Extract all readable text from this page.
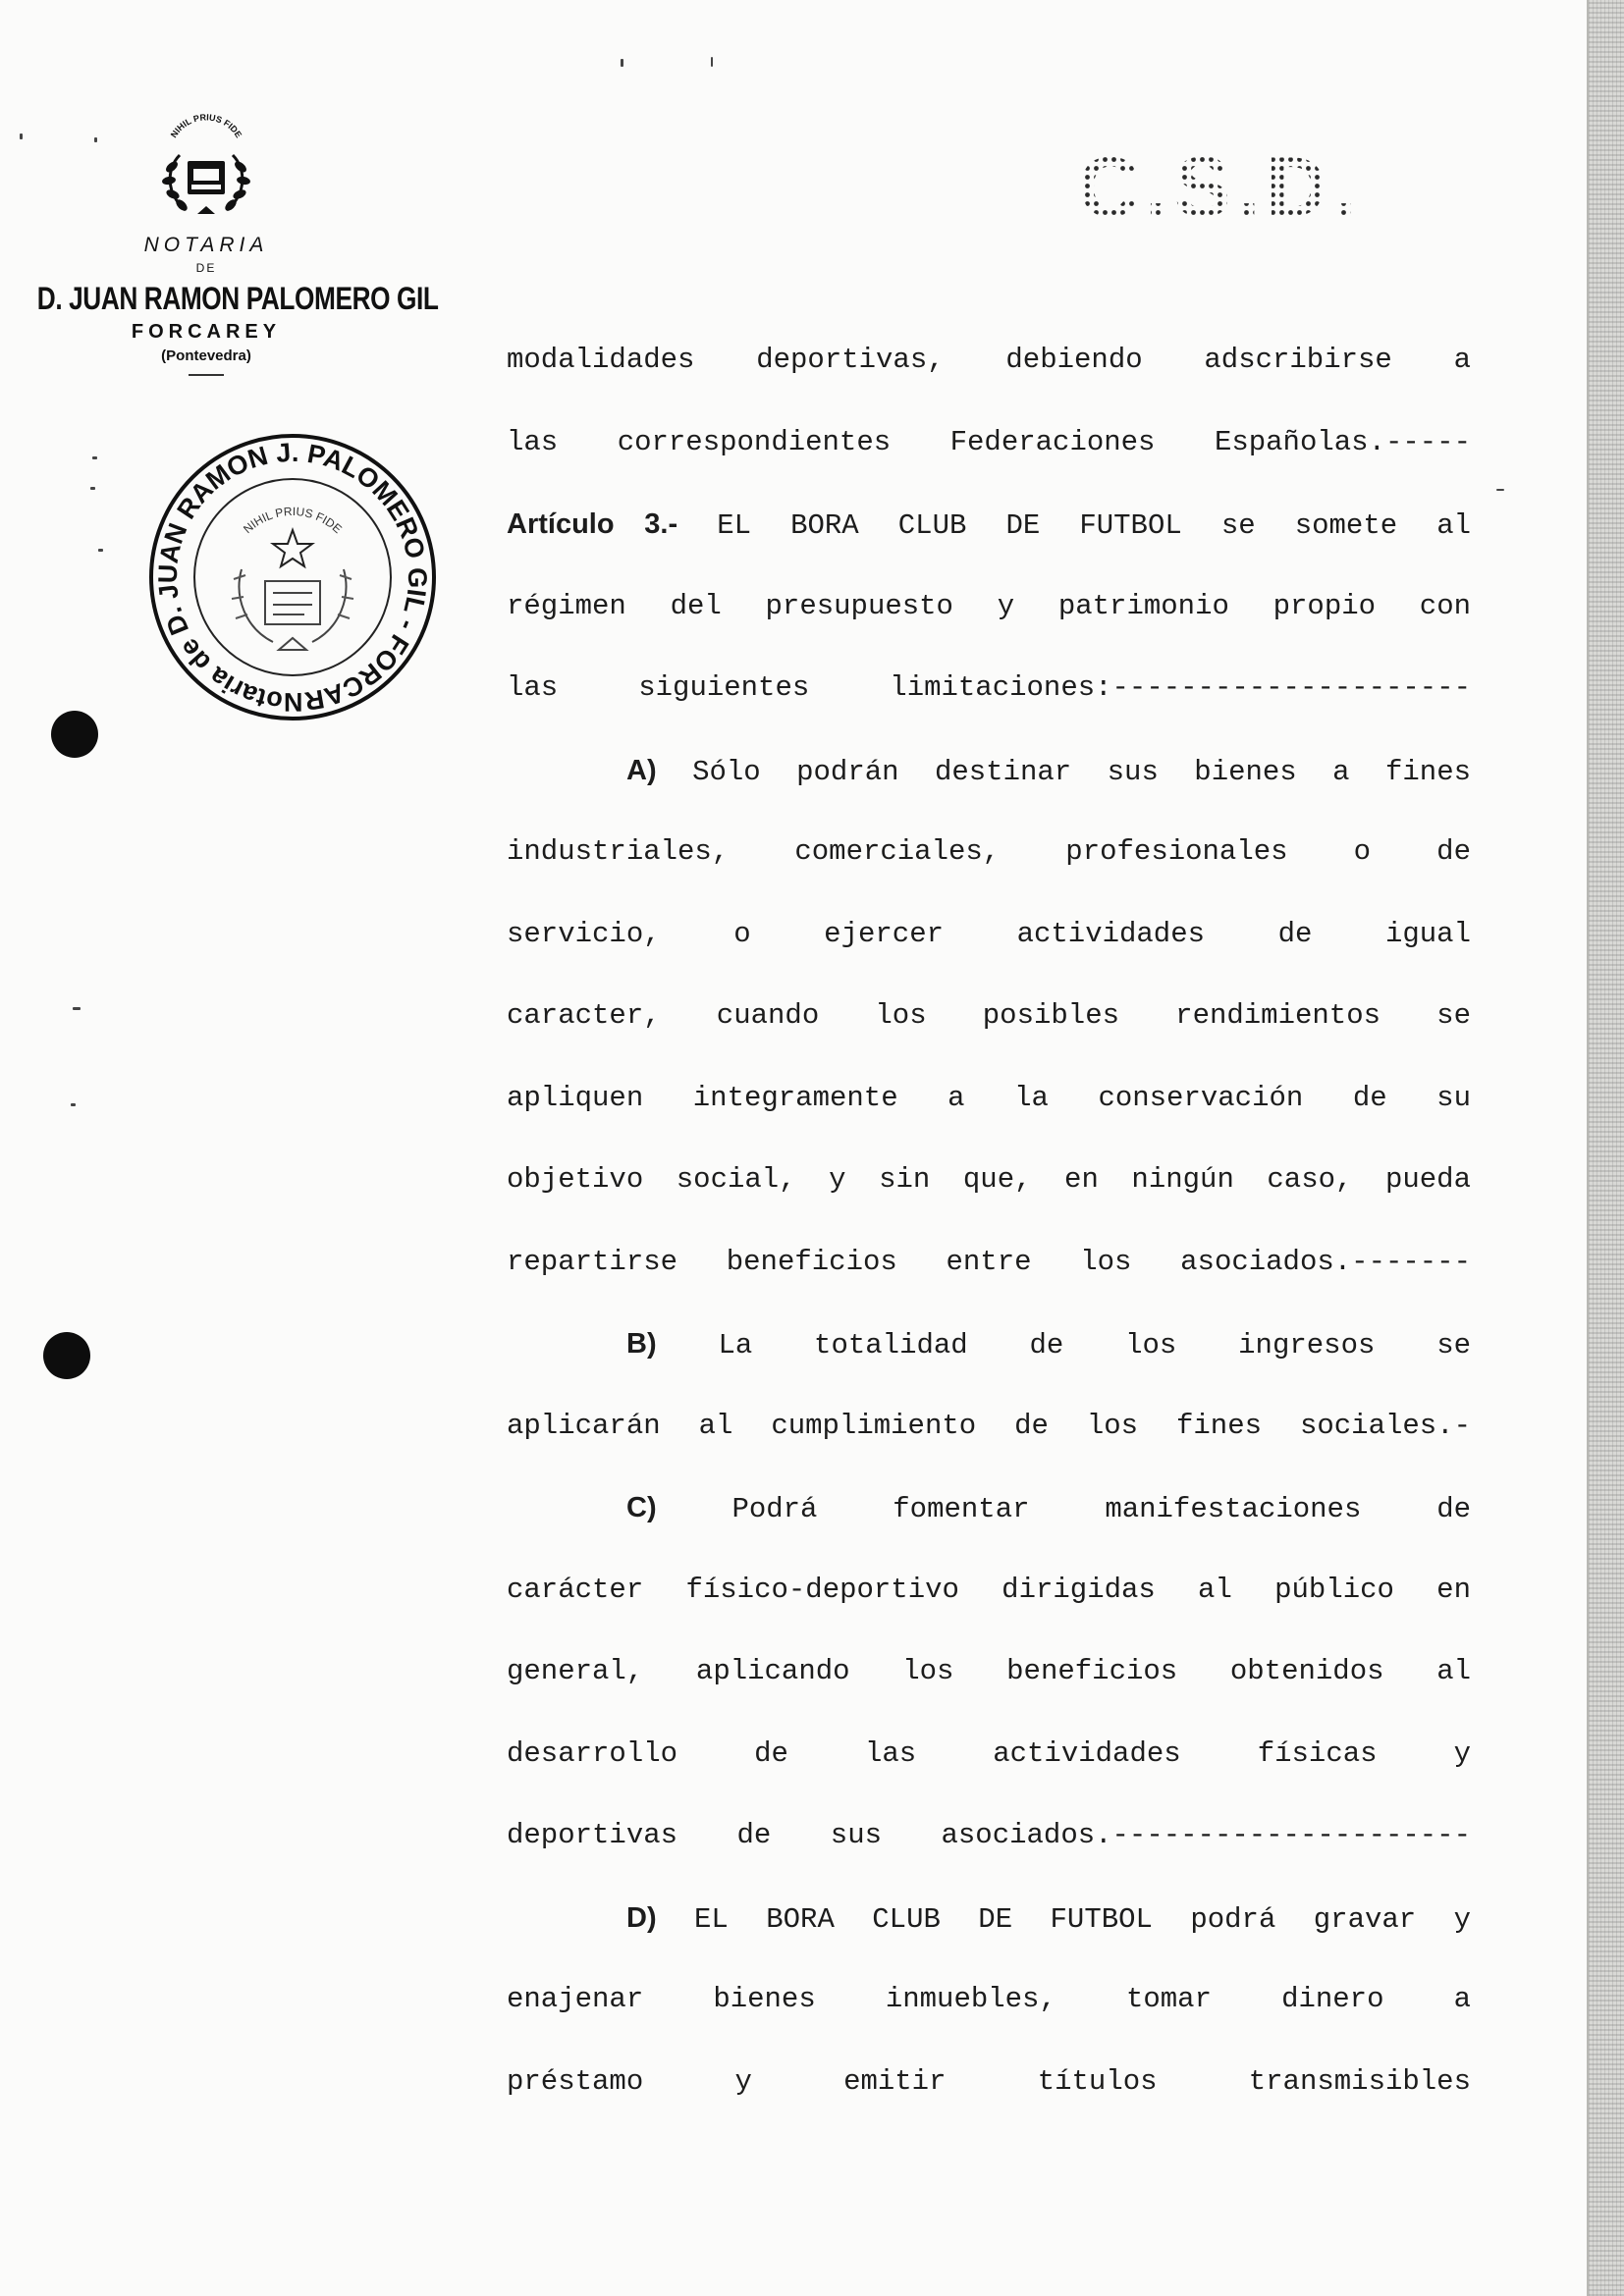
NIHIL PRIUS FIDE
NOTARIA
DE
D. JUAN RAMON PALOMERO GIL
FORCAREY
(Pontevedra)
Notaria de D. JUAN RAMON J. PALOMERO GIL - FORCAREY
NIHIL PRIUS FIDE
C.S.D.
modalidades deportivas, debiendo adscribirse a
las correspondientes Federaciones Españolas.-----
Artículo 3.- EL BORA CLUB DE FUTBOL se somete al
régimen del presupuesto y patrimonio propio con
las siguientes limitaciones:---------------------
A) Sólo podrán destinar sus bienes a fines
industriales, comerciales, profesionales o de
servicio, o ejercer actividades de igual
caracter, cuando los posibles rendimientos se
apliquen integramente a la conservación de su
objetivo social, y sin que, en ningún caso, pueda
repartirse beneficios entre los asociados.-------
B) La totalidad de los ingresos se
aplicarán al cumplimiento de los fines sociales.-
C)	Podrá fomentar manifestaciones de
carácter físico-deportivo dirigidas al público en
general, aplicando los beneficios obtenidos al
desarrollo de las actividades físicas y
deportivas de sus asociados.---------------------
D) EL BORA CLUB DE FUTBOL podrá gravar y
enajenar bienes inmuebles, tomar dinero a
préstamo y emitir títulos transmisibles
